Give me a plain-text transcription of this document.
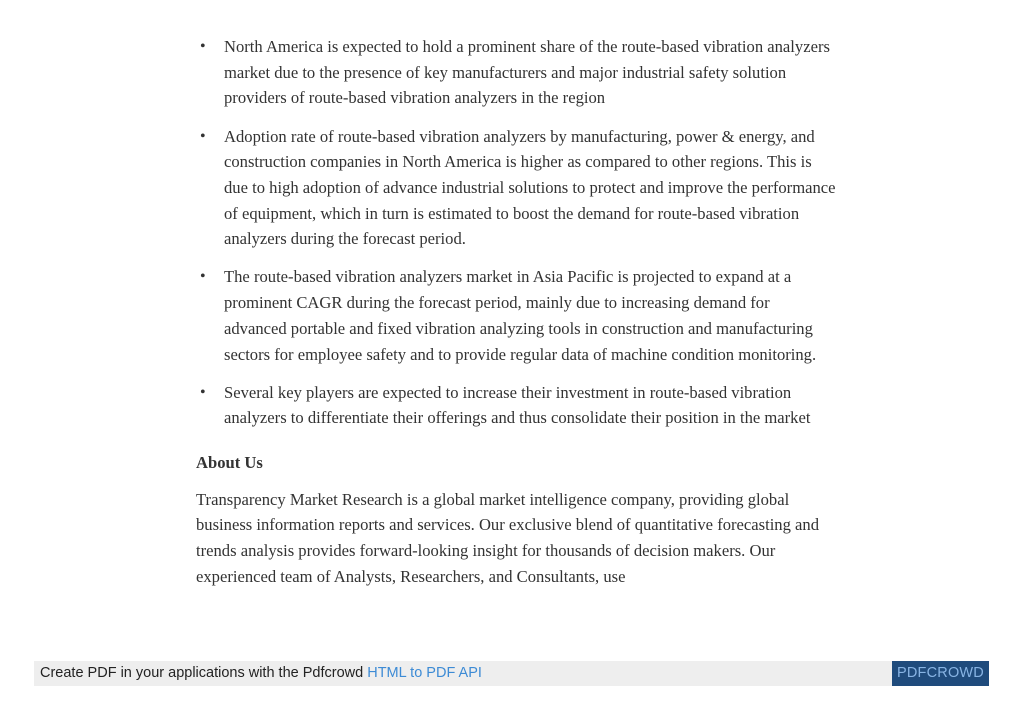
• North America is expected to hold a prominent share of the route-based vibration analyzers market due to the presence of key manufacturers and major industrial safety solution providers of route-based vibration analyzers in the region
• Adoption rate of route-based vibration analyzers by manufacturing, power & energy, and construction companies in North America is higher as compared to other regions. This is due to high adoption of advance industrial solutions to protect and improve the performance of equipment, which in turn is estimated to boost the demand for route-based vibration analyzers during the forecast period.
• The route-based vibration analyzers market in Asia Pacific is projected to expand at a prominent CAGR during the forecast period, mainly due to increasing demand for advanced portable and fixed vibration analyzing tools in construction and manufacturing sectors for employee safety and to provide regular data of machine condition monitoring.
• Several key players are expected to increase their investment in route-based vibration analyzers to differentiate their offerings and thus consolidate their position in the market
About Us

Transparency Market Research is a global market intelligence company, providing global business information reports and services. Our exclusive blend of quantitative forecasting and trends analysis provides forward-looking insight for thousands of decision makers. Our experienced team of Analysts, Researchers, and Consultants, use

Create PDF in your applications with the Pdfcrowd HTML to PDF API	PDFCROWD
